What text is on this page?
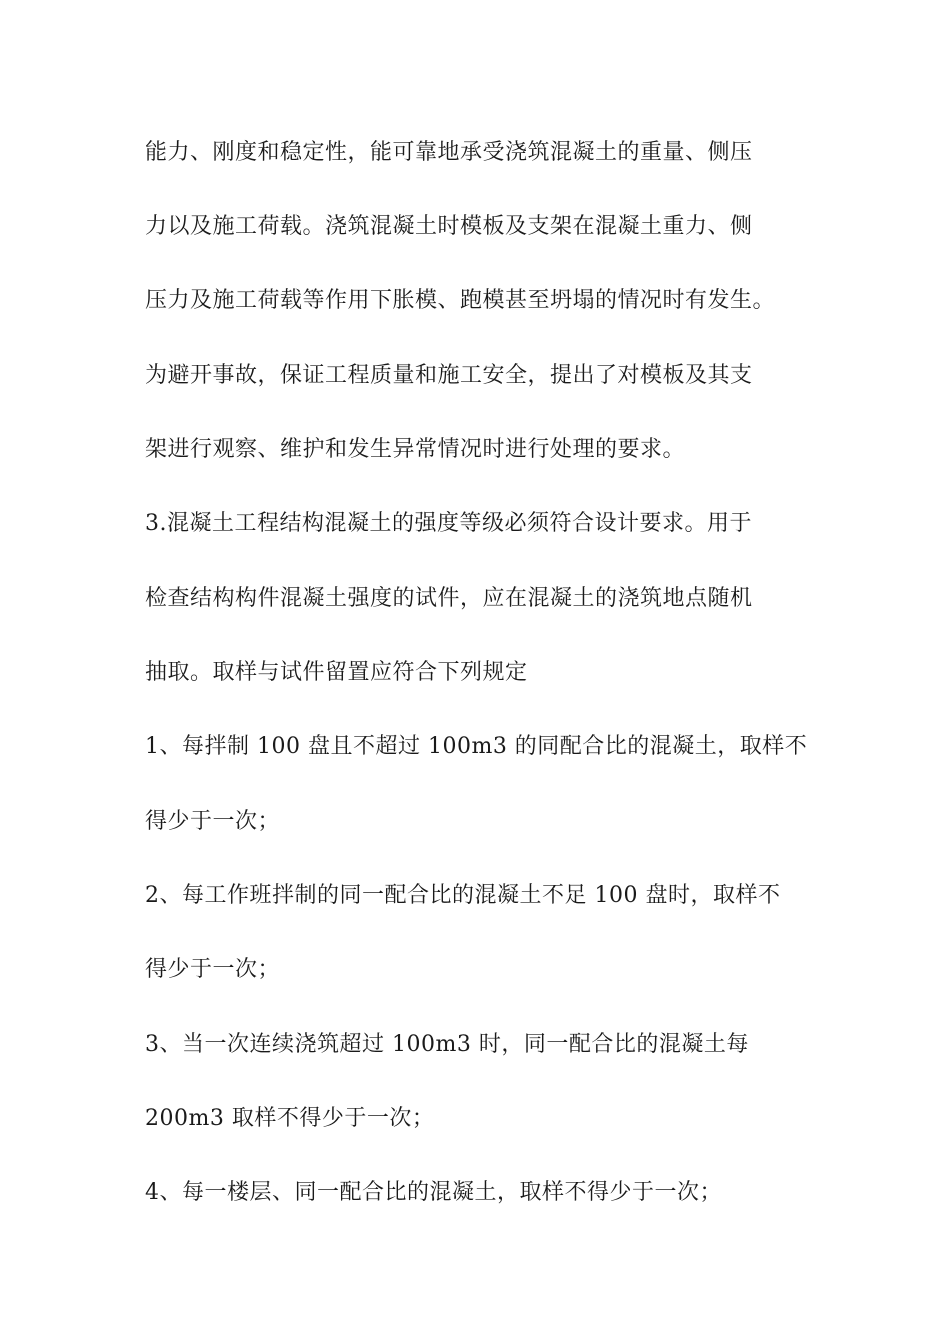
能力、刚度和稳定性，能可靠地承受浇筑混凝土的重量、侧压
力以及施工荷载。浇筑混凝土时模板及支架在混凝土重力、侧
压力及施工荷载等作用下胀模、跑模甚至坍塌的情况时有发生。
为避开事故，保证工程质量和施工安全，提出了对模板及其支
架进行观察、维护和发生异常情况时进行处理的要求。
3.混凝土工程结构混凝土的强度等级必须符合设计要求。用于
检查结构构件混凝土强度的试件，应在混凝土的浇筑地点随机
抽取。取样与试件留置应符合下列规定
1、每拌制 100 盘且不超过 100m3 的同配合比的混凝土，取样不
得少于一次；
2、每工作班拌制的同一配合比的混凝土不足 100 盘时，取样不
得少于一次；
3、当一次连续浇筑超过 100m3 时，同一配合比的混凝土每
200m3 取样不得少于一次；
4、每一楼层、同一配合比的混凝土，取样不得少于一次；
